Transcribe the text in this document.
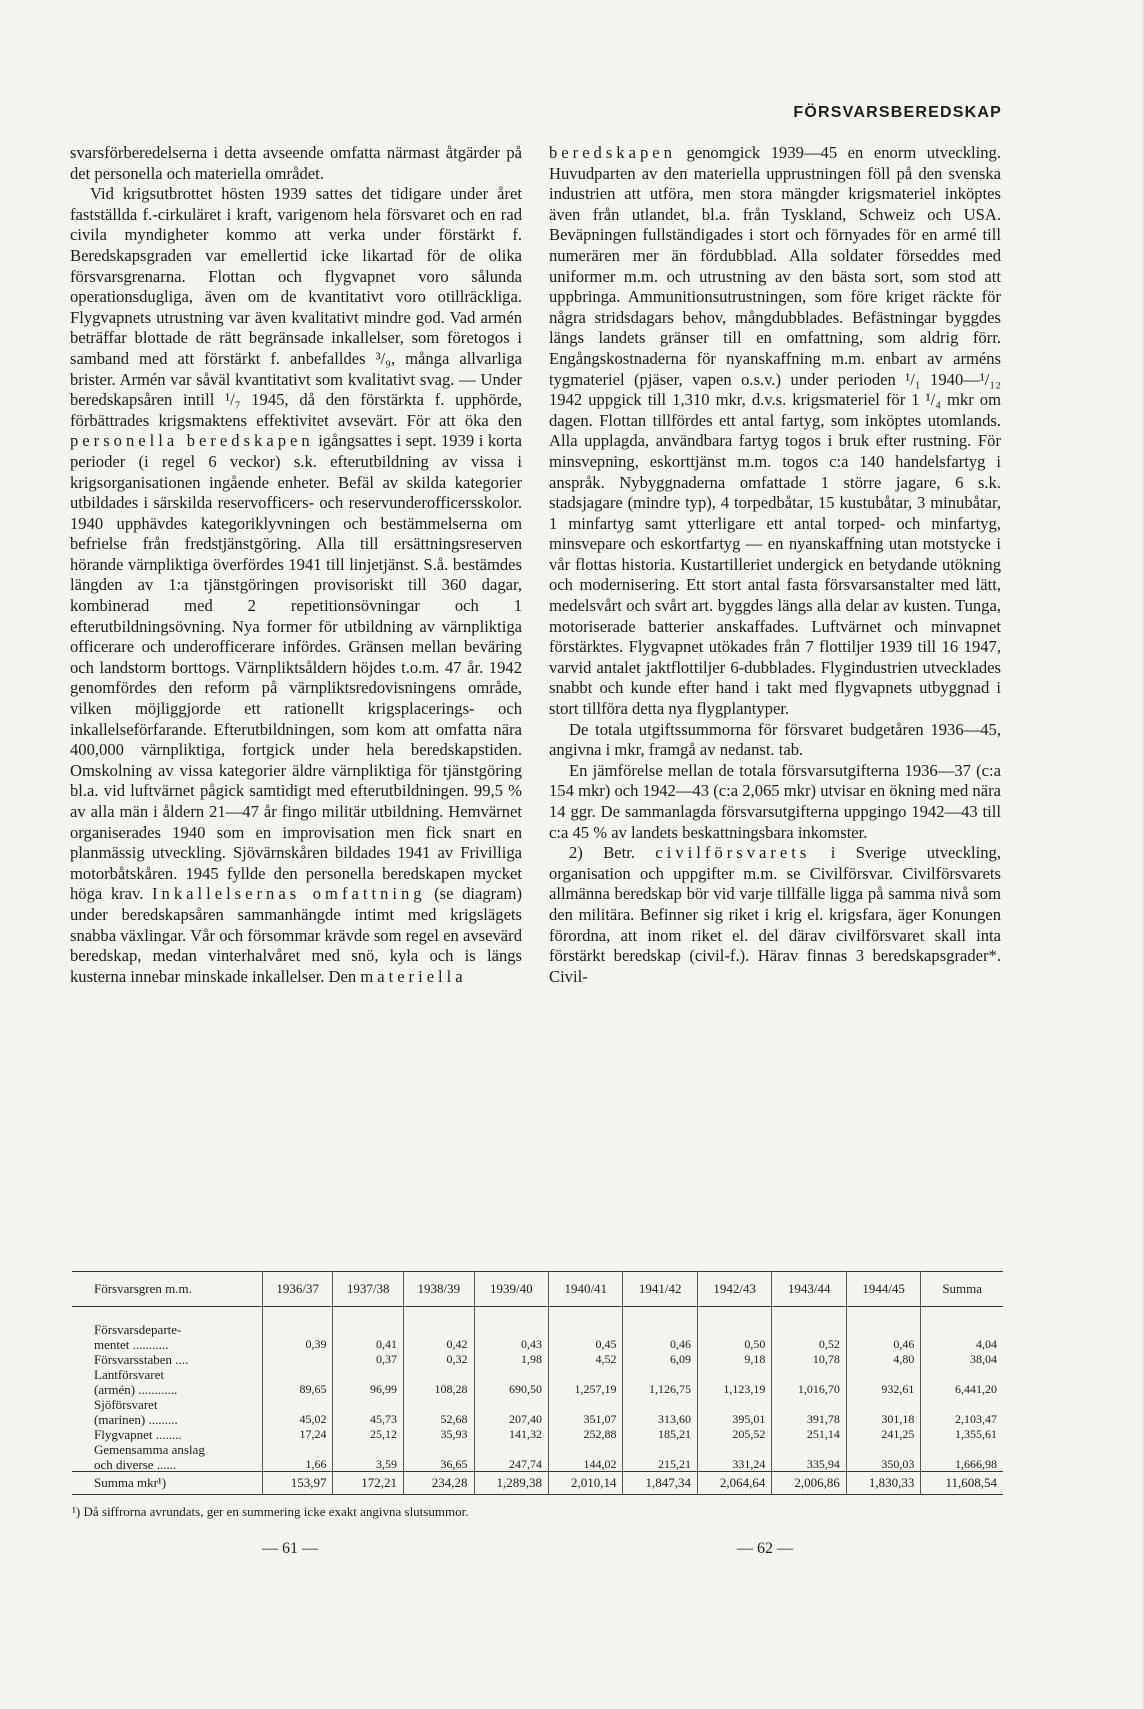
FÖRSVARSBEREDSKAP

svarsförberedelserna i detta avseende omfatta närmast åtgärder på det personella och materiella området.

Vid krigsutbrottet hösten 1939 sattes det tidigare under året fastställda f.-cirkuläret i kraft, varigenom hela försvaret och en rad civila myndigheter kommo att verka under förstärkt f. Beredskapsgraden var emellertid icke likartad för de olika försvarsgrenarna. Flottan och flygvapnet voro sålunda operationsdugliga, även om de kvantitativt voro otillräckliga. Flygvapnets utrustning var även kvalitativt mindre god. Vad armén beträffar blottade de rätt begränsade inkallelser, som företogos i samband med att förstärkt f. anbefalldes ³/₉, många allvarliga brister. Armén var såväl kvantitativt som kvalitativt svag. — Under beredskapsåren intill ¹/₇ 1945, då den förstärkta f. upphörde, förbättrades krigsmaktens effektivitet avsevärt. För att öka den personella beredskapen igångsattes i sept. 1939 i korta perioder (i regel 6 veckor) s.k. efterutbildning av vissa i krigsorganisationen ingående enheter. Befäl av skilda kategorier utbildades i särskilda reservofficers- och reservunderofficersskolor. 1940 upphävdes kategoriklyvningen och bestämmelserna om befrielse från fredstjänstgöring. Alla till ersättningsreserven hörande värnpliktiga överfördes 1941 till linjetjänst. S.å. bestämdes längden av 1:a tjänstgöringen provisoriskt till 360 dagar, kombinerad med 2 repetitionsövningar och 1 efterutbildningsövning. Nya former för utbildning av värnpliktiga officerare och underofficerare infördes. Gränsen mellan beväring och landstorm borttogs. Värnpliktsåldern höjdes t.o.m. 47 år. 1942 genomfördes den reform på värnpliktsredovisningens område, vilken möjliggjorde ett rationellt krigsplacerings- och inkallelseförfarande. Efterutbildningen, som kom att omfatta nära 400,000 värnpliktiga, fortgick under hela beredskapstiden. Omskolning av vissa kategorier äldre värnpliktiga för tjänstgöring bl.a. vid luftvärnet pågick samtidigt med efterutbildningen. 99,5 % av alla män i åldern 21—47 år fingo militär utbildning. Hemvärnet organiserades 1940 som en improvisation men fick snart en planmässig utveckling. Sjövärnskåren bildades 1941 av Frivilliga motorbåtskåren. 1945 fyllde den personella beredskapen mycket höga krav. Inkallelsernas omfattning (se diagram) under beredskapsåren sammanhängde intimt med krigslägets snabba växlingar. Vår och försommar krävde som regel en avsevärd beredskap, medan vinterhalvåret med snö, kyla och is längs kusterna innebar minskade inkallelser. Den materiella

beredskapen genomgick 1939—45 en enorm utveckling. Huvudparten av den materiella upprustningen föll på den svenska industrien att utföra, men stora mängder krigsmateriel inköptes även från utlandet, bl.a. från Tyskland, Schweiz och USA. Beväpningen fullständigades i stort och förnyades för en armé till numerären mer än fördubblad. Alla soldater förseddes med uniformer m.m. och utrustning av den bästa sort, som stod att uppbringa. Ammunitionsutrustningen, som före kriget räckte för några stridsdagars behov, mångdubblades. Befästningar byggdes längs landets gränser till en omfattning, som aldrig förr. Engångskostnaderna för nyanskaffning m.m. enbart av arméns tygmateriel (pjäser, vapen o.s.v.) under perioden ¹/₁ 1940—¹/₁₂ 1942 uppgick till 1,310 mkr, d.v.s. krigsmateriel för 1 ¹/₄ mkr om dagen. Flottan tillfördes ett antal fartyg, som inköptes utomlands. Alla upplagda, användbara fartyg togos i bruk efter rustning. För minsvepning, eskorttjänst m.m. togos c:a 140 handelsfartyg i anspråk. Nybyggnaderna omfattade 1 större jagare, 6 s.k. stadsjagare (mindre typ), 4 torpedbåtar, 15 kustubåtar, 3 minubåtar, 1 minfartyg samt ytterligare ett antal torped- och minfartyg, minsvepare och eskortfartyg — en nyanskaffning utan motstycke i vår flottas historia. Kustartilleriet undergick en betydande utökning och modernisering. Ett stort antal fasta försvarsanstalter med lätt, medelsvårt och svårt art. byggdes längs alla delar av kusten. Tunga, motoriserade batterier anskaffades. Luftvärnet och minvapnet förstärktes. Flygvapnet utökades från 7 flottiljer 1939 till 16 1947, varvid antalet jaktflottiljer 6-dubblades. Flygindustrien utvecklades snabbt och kunde efter hand i takt med flygvapnets utbyggnad i stort tillföra detta nya flygplantyper.

De totala utgiftssummorna för försvaret budgetåren 1936—45, angivna i mkr, framgå av nedanst. tab.

En jämförelse mellan de totala försvarsutgifterna 1936—37 (c:a 154 mkr) och 1942—43 (c:a 2,065 mkr) utvisar en ökning med nära 14 ggr. De sammanlagda försvarsutgifterna uppgingo 1942—43 till c:a 45 % av landets beskattningsbara inkomster.

2) Betr. civilförsvarets i Sverige utveckling, organisation och uppgifter m.m. se Civilförsvar. Civilförsvarets allmänna beredskap bör vid varje tillfälle ligga på samma nivå som den militära. Befinner sig riket i krig el. krigsfara, äger Konungen förordna, att inom riket el. del därav civilförsvaret skall inta förstärkt beredskap (civil-f.). Härav finnas 3 beredskapsgrader*. Civil-

Försvarsgren m.m.	1936/37	1937/38	1938/39	1939/40	1940/41	1941/42	1942/43	1943/44	1944/45	Summa

Försvarsdeparte-										
mentet ...........	0,39	0,41	0,42	0,43	0,45	0,46	0,50	0,52	0,46	4,04
Försvarsstaben ....		0,37	0,32	1,98	4,52	6,09	9,18	10,78	4,80	38,04
Lantförsvaret										
(armén) ............	89,65	96,99	108,28	690,50	1,257,19	1,126,75	1,123,19	1,016,70	932,61	6,441,20
Sjöförsvaret										
(marinen) .........	45,02	45,73	52,68	207,40	351,07	313,60	395,01	391,78	301,18	2,103,47
Flygvapnet ........	17,24	25,12	35,93	141,32	252,88	185,21	205,52	251,14	241,25	1,355,61
Gemensamma anslag										
och diverse ......	1,66	3,59	36,65	247,74	144,02	215,21	331,24	335,94	350,03	1,666,98
Summa mkr¹)	153,97	172,21	234,28	1,289,38	2,010,14	1,847,34	2,064,64	2,006,86	1,830,33	11,608,54
¹) Då siffrorna avrundats, ger en summering icke exakt angivna slutsummor.
— 61 —	— 62 —
